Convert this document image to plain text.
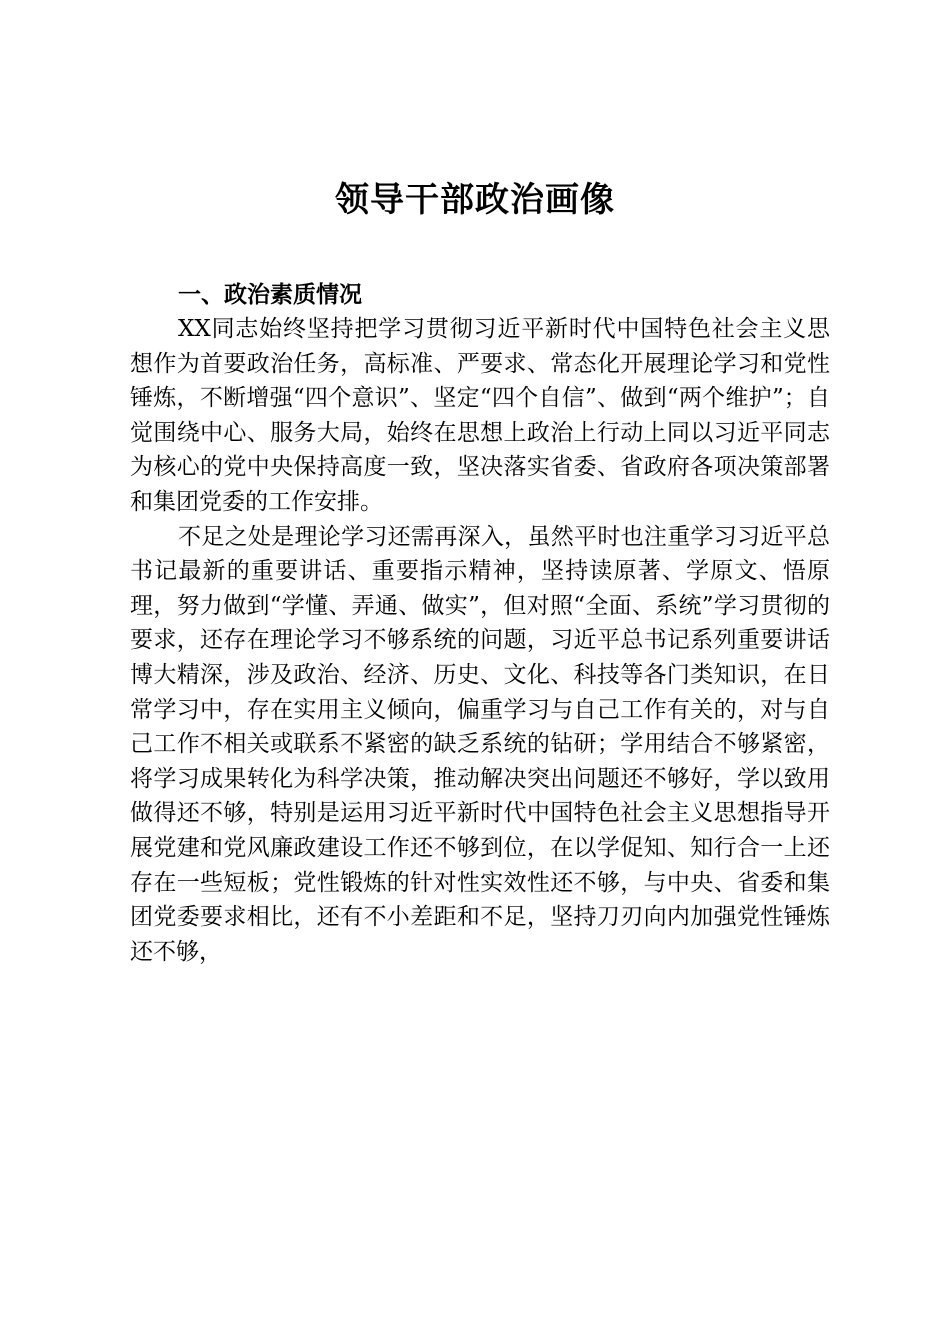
领导干部政治画像
一、政治素质情况

XX同志始终坚持把学习贯彻习近平新时代中国特色社会主义思想作为首要政治任务，高标准、严要求、常态化开展理论学习和党性锤炼，不断增强“四个意识”、坚定“四个自信”、做到“两个维护”；自觉围绕中心、服务大局，始终在思想上政治上行动上同以习近平同志为核心的党中央保持高度一致，坚决落实省委、省政府各项决策部署和集团党委的工作安排。

不足之处是理论学习还需再深入，虽然平时也注重学习习近平总书记最新的重要讲话、重要指示精神，坚持读原著、学原文、悟原理，努力做到“学懂、弄通、做实”，但对照“全面、系统”学习贯彻的要求，还存在理论学习不够系统的问题，习近平总书记系列重要讲话博大精深，涉及政治、经济、历史、文化、科技等各门类知识，在日常学习中，存在实用主义倾向，偏重学习与自己工作有关的，对与自己工作不相关或联系不紧密的缺乏系统的钻研；学用结合不够紧密，将学习成果转化为科学决策，推动解决突出问题还不够好，学以致用做得还不够，特别是运用习近平新时代中国特色社会主义思想指导开展党建和党风廉政建设工作还不够到位，在以学促知、知行合一上还存在一些短板；党性锻炼的针对性实效性还不够，与中央、省委和集团党委要求相比，还有不小差距和不足，坚持刀刃向内加强党性锤炼还不够，
